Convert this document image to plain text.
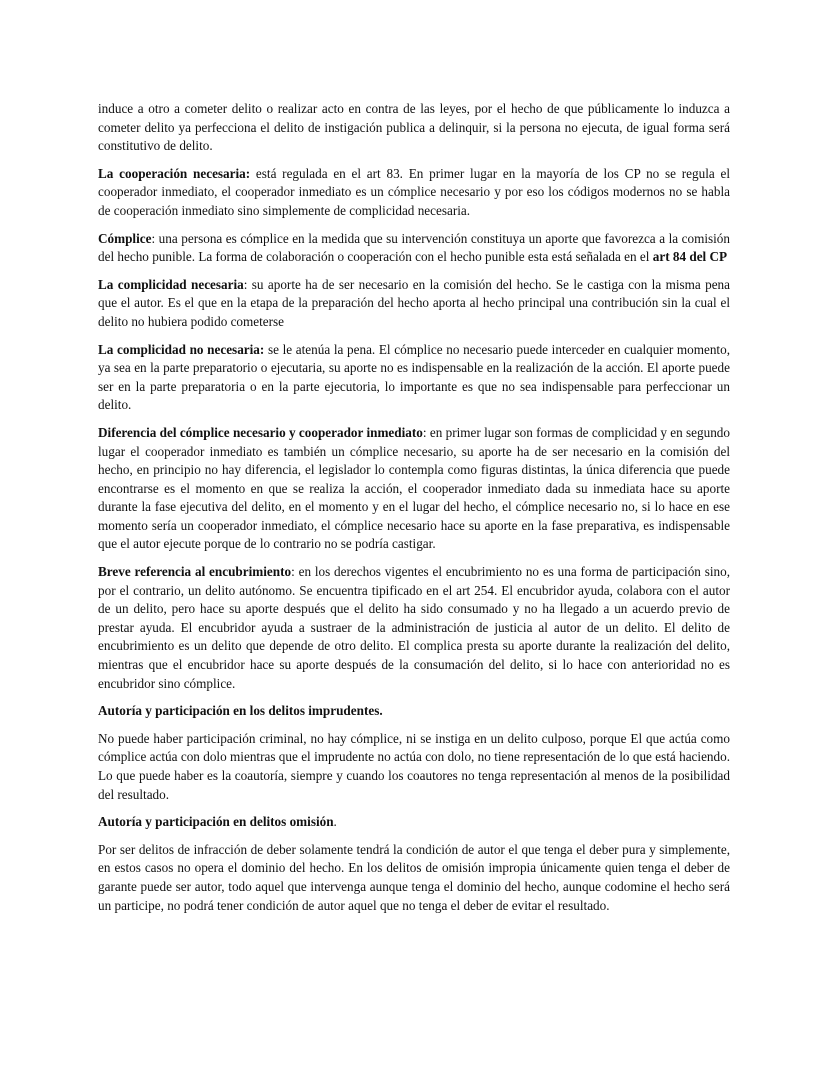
induce a otro a cometer delito o realizar acto en contra de las leyes, por el hecho de que públicamente lo induzca a cometer delito ya perfecciona el delito de instigación publica a delinquir, si la persona no ejecuta, de igual forma será constitutivo de delito.

La cooperación necesaria: está regulada en el art 83. En primer lugar en la mayoría de los CP no se regula el cooperador inmediato, el cooperador inmediato es un cómplice necesario y por eso los códigos modernos no se habla de cooperación inmediato sino simplemente de complicidad necesaria.

Cómplice: una persona es cómplice en la medida que su intervención constituya un aporte que favorezca a la comisión del hecho punible. La forma de colaboración o cooperación con el hecho punible esta está señalada en el art 84 del CP

La complicidad necesaria: su aporte ha de ser necesario en la comisión del hecho. Se le castiga con la misma pena que el autor. Es el que en la etapa de la preparación del hecho aporta al hecho principal una contribución sin la cual el delito no hubiera podido cometerse

La complicidad no necesaria: se le atenúa la pena. El cómplice no necesario puede interceder en cualquier momento, ya sea en la parte preparatorio o ejecutaria, su aporte no es indispensable en la realización de la acción. El aporte puede ser en la parte preparatoria o en la parte ejecutoria, lo importante es que no sea indispensable para perfeccionar un delito.

Diferencia del cómplice necesario y cooperador inmediato: en primer lugar son formas de complicidad y en segundo lugar el cooperador inmediato es también un cómplice necesario, su aporte ha de ser necesario en la comisión del hecho, en principio no hay diferencia, el legislador lo contempla como figuras distintas, la única diferencia que puede encontrarse es el momento en que se realiza la acción, el cooperador inmediato dada su inmediata hace su aporte durante la fase ejecutiva del delito, en el momento y en el lugar del hecho, el cómplice necesario no, si lo hace en ese momento sería un cooperador inmediato, el cómplice necesario hace su aporte en la fase preparativa, es indispensable que el autor ejecute porque de lo contrario no se podría castigar.

Breve referencia al encubrimiento: en los derechos vigentes el encubrimiento no es una forma de participación sino, por el contrario, un delito autónomo. Se encuentra tipificado en el art 254. El encubridor ayuda, colabora con el autor de un delito, pero hace su aporte después que el delito ha sido consumado y no ha llegado a un acuerdo previo de prestar ayuda. El encubridor ayuda a sustraer de la administración de justicia al autor de un delito. El delito de encubrimiento es un delito que depende de otro delito. El complica presta su aporte durante la realización del delito, mientras que el encubridor hace su aporte después de la consumación del delito, si lo hace con anterioridad no es encubridor sino cómplice.

Autoría y participación en los delitos imprudentes.

No puede haber participación criminal, no hay cómplice, ni se instiga en un delito culposo, porque El que actúa como cómplice actúa con dolo mientras que el imprudente no actúa con dolo, no tiene representación de lo que está haciendo. Lo que puede haber es la coautoría, siempre y cuando los coautores no tenga representación al menos de la posibilidad del resultado.

Autoría y participación en delitos omisión.

Por ser delitos de infracción de deber solamente tendrá la condición de autor el que tenga el deber pura y simplemente, en estos casos no opera el dominio del hecho. En los delitos de omisión impropia únicamente quien tenga el deber de garante puede ser autor, todo aquel que intervenga aunque tenga el dominio del hecho, aunque codomine el hecho será un participe, no podrá tener condición de autor aquel que no tenga el deber de evitar el resultado.
